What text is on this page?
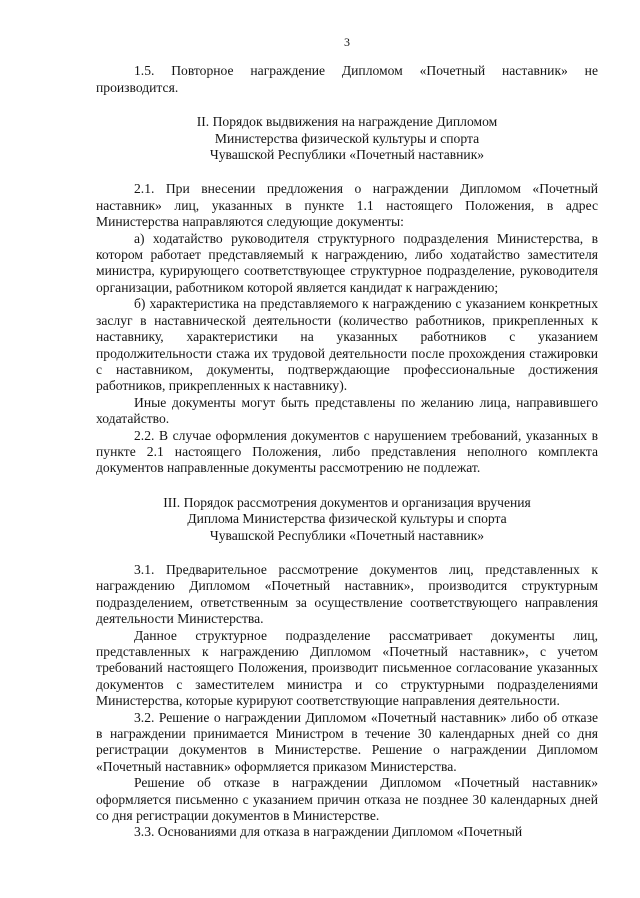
3

1.5. Повторное награждение Дипломом «Почетный наставник» не производится.

II. Порядок выдвижения на награждение Дипломом
Министерства физической культуры и спорта
Чувашской Республики «Почетный наставник»

2.1. При внесении предложения о награждении Дипломом «Почетный наставник» лиц, указанных в пункте 1.1 настоящего Положения, в адрес Министерства направляются следующие документы:

а) ходатайство руководителя структурного подразделения Министерства, в котором работает представляемый к награждению, либо ходатайство заместителя министра, курирующего соответствующее структурное подразделение, руководителя организации, работником которой является кандидат к награждению;

б) характеристика на представляемого к награждению с указанием конкретных заслуг в наставнической деятельности (количество работников, прикрепленных к наставнику, характеристики на указанных работников с указанием продолжительности стажа их трудовой деятельности после прохождения стажировки с наставником, документы, подтверждающие профессиональные достижения работников, прикрепленных к наставнику).

Иные документы могут быть представлены по желанию лица, направившего ходатайство.

2.2. В случае оформления документов с нарушением требований, указанных в пункте 2.1 настоящего Положения, либо представления неполного комплекта документов направленные документы рассмотрению не подлежат.

III. Порядок рассмотрения документов и организация вручения
Диплома Министерства физической культуры и спорта
Чувашской Республики «Почетный наставник»

3.1. Предварительное рассмотрение документов лиц, представленных к награждению Дипломом «Почетный наставник», производится структурным подразделением, ответственным за осуществление соответствующего направления деятельности Министерства.

Данное структурное подразделение рассматривает документы лиц, представленных к награждению Дипломом «Почетный наставник», с учетом требований настоящего Положения, производит письменное согласование указанных документов с заместителем министра и со структурными подразделениями Министерства, которые курируют соответствующие направления деятельности.

3.2. Решение о награждении Дипломом «Почетный наставник» либо об отказе в награждении принимается Министром в течение 30 календарных дней со дня регистрации документов в Министерстве. Решение о награждении Дипломом «Почетный наставник» оформляется приказом Министерства.

Решение об отказе в награждении Дипломом «Почетный наставник» оформляется письменно с указанием причин отказа не позднее 30 календарных дней со дня регистрации документов в Министерстве.

3.3. Основаниями для отказа в награждении Дипломом «Почетный
